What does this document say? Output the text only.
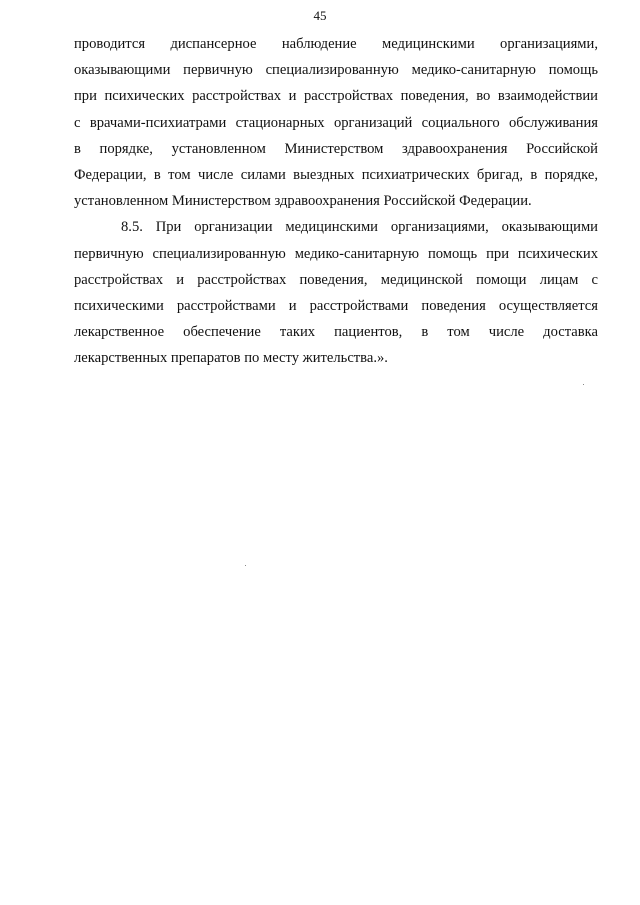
45
проводится диспансерное наблюдение медицинскими организациями,
оказывающими первичную специализированную медико-санитарную помощь
при психических расстройствах и расстройствах поведения, во взаимодействии
с врачами-психиатрами стационарных организаций социального обслуживания
в порядке, установленном Министерством здравоохранения Российской
Федерации, в том числе силами выездных психиатрических бригад, в порядке,
установленном Министерством здравоохранения Российской Федерации.
8.5. При организации медицинскими организациями, оказывающими
первичную специализированную медико-санитарную помощь при психических
расстройствах и расстройствах поведения, медицинской помощи лицам с
психическими расстройствами и расстройствами поведения осуществляется
лекарственное обеспечение таких пациентов, в том числе доставка
лекарственных препаратов по месту жительства.».
